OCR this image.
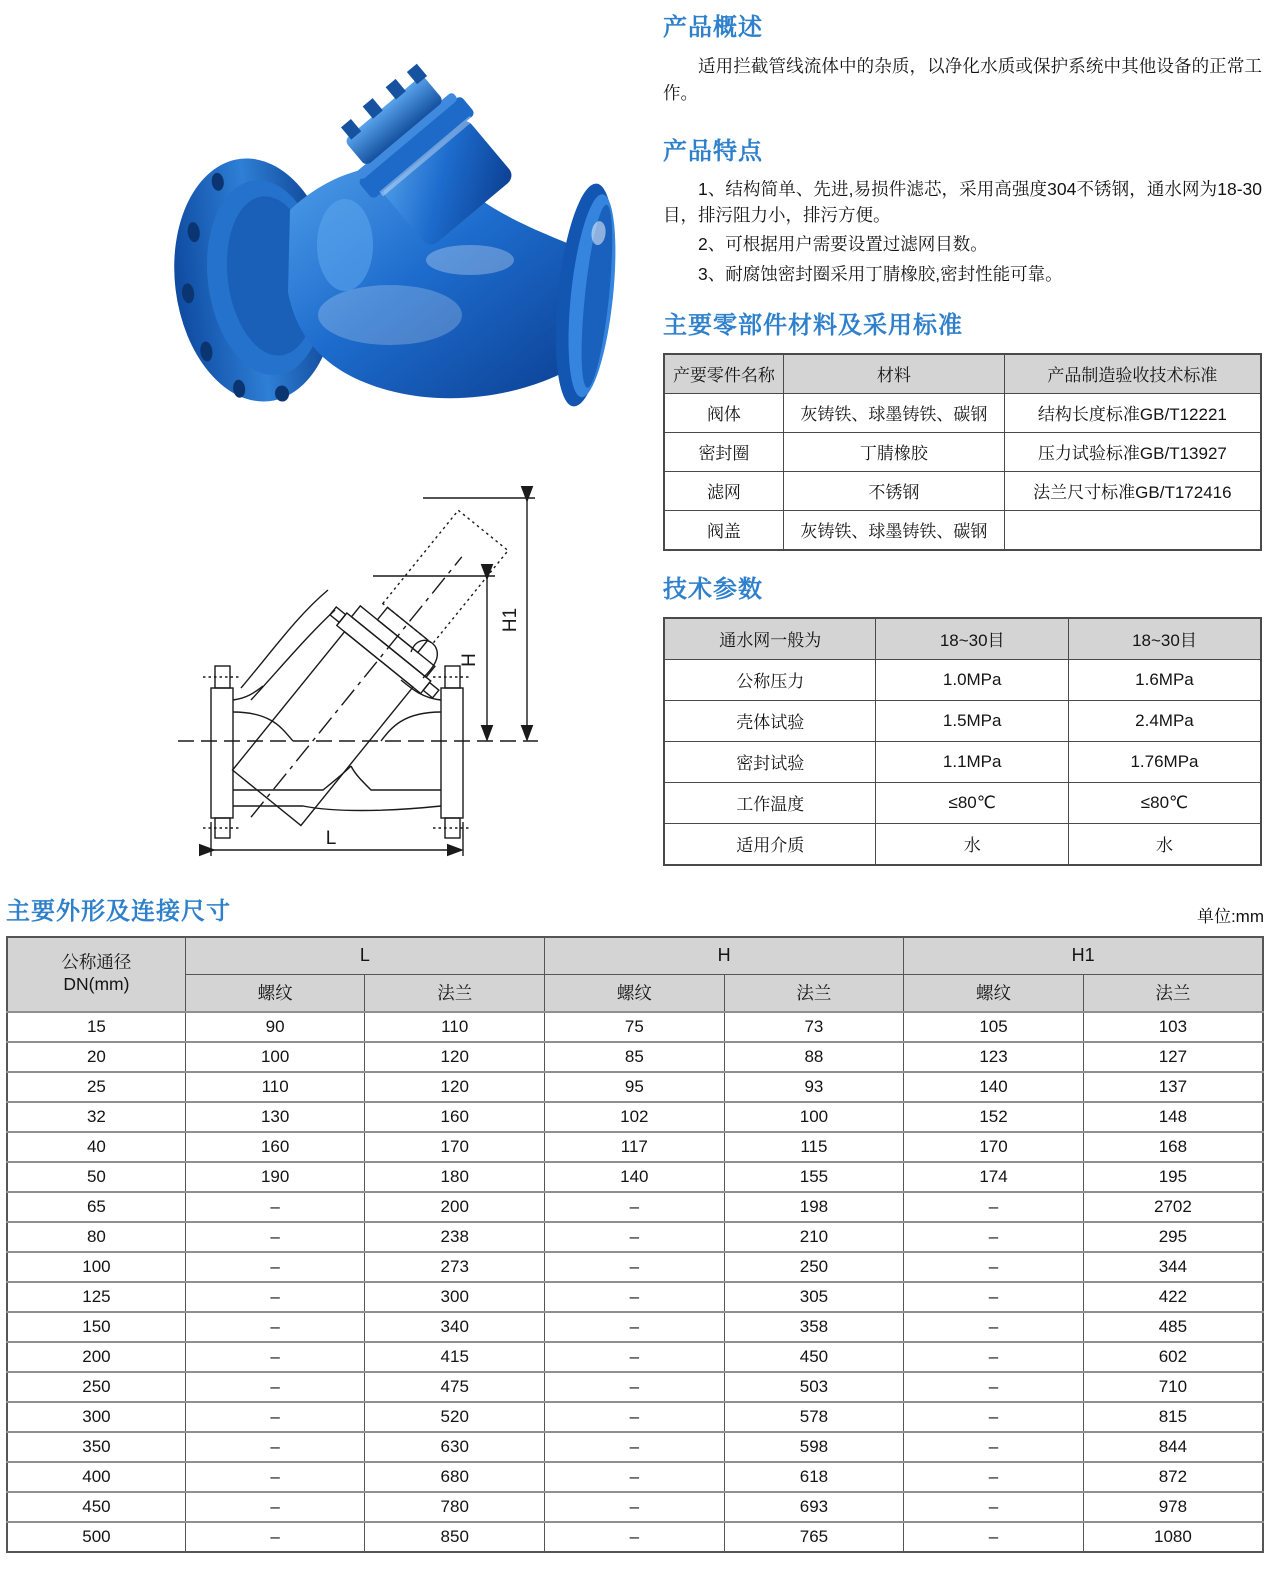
L
H
H1
产品概述

适用拦截管线流体中的杂质，以净化水质或保护系统中其他设备的正常工作。

产品特点

1、结构简单、先进,易损件滤芯，采用高强度304不锈钢，通水网为18-30目，排污阻力小，排污方便。

2、可根据用户需要设置过滤网目数。

3、耐腐蚀密封圈采用丁腈橡胶,密封性能可靠。

主要零部件材料及采用标准
产要零件名称	材料	产品制造验收技术标准
阀体	灰铸铁、球墨铸铁、碳钢	结构长度标准GB/T12221
密封圈	丁腈橡胶	压力试验标准GB/T13927
滤网	不锈钢	法兰尺寸标准GB/T172416
阀盖	灰铸铁、球墨铸铁、碳钢	
技术参数
通水网一般为	18~30目	18~30目
公称压力	1.0MPa	1.6MPa
壳体试验	1.5MPa	2.4MPa
密封试验	1.1MPa	1.76MPa
工作温度	≤80℃	≤80℃
适用介质	水	水
主要外形及连接尺寸	单位:mm
公称通径
DN(mm)	L		H		H1	
	螺纹	法兰	螺纹	法兰	螺纹	法兰
15	90	110	75	73	105	103
20	100	120	85	88	123	127
25	110	120	95	93	140	137
32	130	160	102	100	152	148
40	160	170	117	115	170	168
50	190	180	140	155	174	195
65	–	200	–	198	–	2702
80	–	238	–	210	–	295
100	–	273	–	250	–	344
125	–	300	–	305	–	422
150	–	340	–	358	–	485
200	–	415	–	450	–	602
250	–	475	–	503	–	710
300	–	520	–	578	–	815
350	–	630	–	598	–	844
400	–	680	–	618	–	872
450	–	780	–	693	–	978
500	–	850	–	765	–	1080
